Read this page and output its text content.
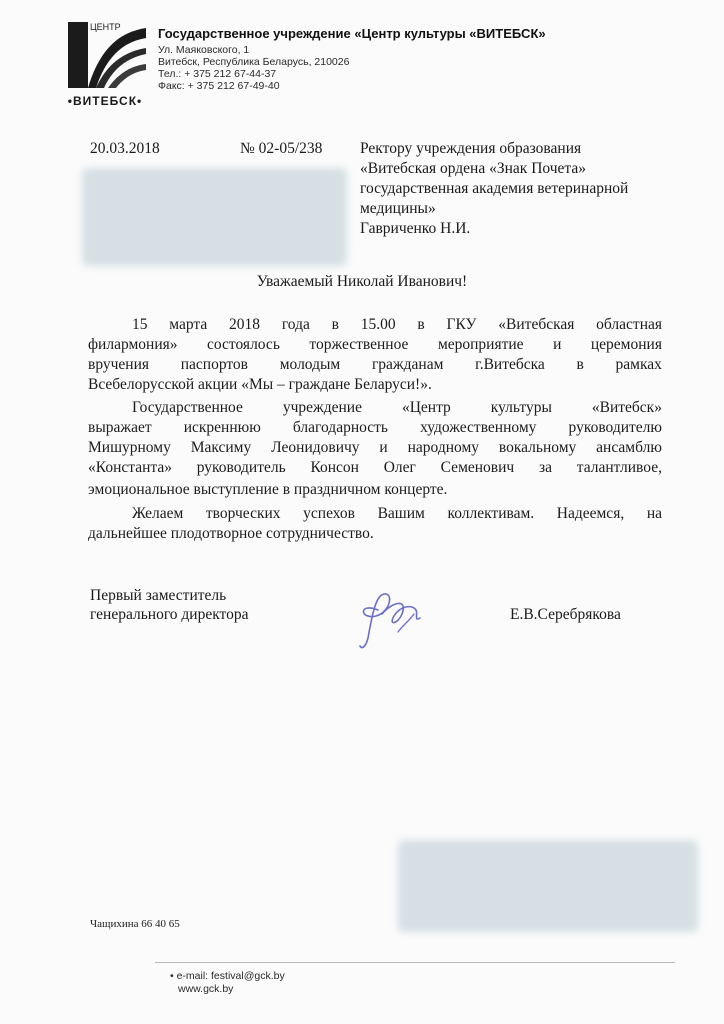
ЦЕНТР
•ВИТЕБСК•
Государственное учреждение «Центр культуры «ВИТЕБСК»
Ул. Маяковского, 1
Витебск, Республика Беларусь, 210026
Тел.: + 375 212 67-44-37
Факс: + 375 212 67-49-40
20.03.2018	№ 02-05/238 Ректору учреждения образования
«Витебская ордена «Знак Почета»
государственная академия ветеринарной
медицины»
Гавриченко Н.И.
Уважаемый Николай Иванович!
15 марта 2018 года в 15.00 в ГКУ «Витебская областная
филармония» состоялось торжественное мероприятие и церемония
вручения паспортов молодым гражданам г.Витебска в рамках
Всебелорусской акции «Мы – граждане Беларуси!».
Государственное	учреждение	«Центр	культуры	«Витебск»
выражает искреннюю благодарность художественному руководителю
Мишурному Максиму Леонидовичу и народному вокальному ансамблю
«Константа» руководитель Консон Олег Семенович за талантливое,
эмоциональное выступление в праздничном концерте.
Желаем творческих успехов Вашим коллективам. Надеемся, на
дальнейшее плодотворное сотрудничество.
Первый заместитель
генерального директора	Е.В.Серебрякова
Чащихина 66 40 65
• e-mail: festival@gck.by
www.gck.by
